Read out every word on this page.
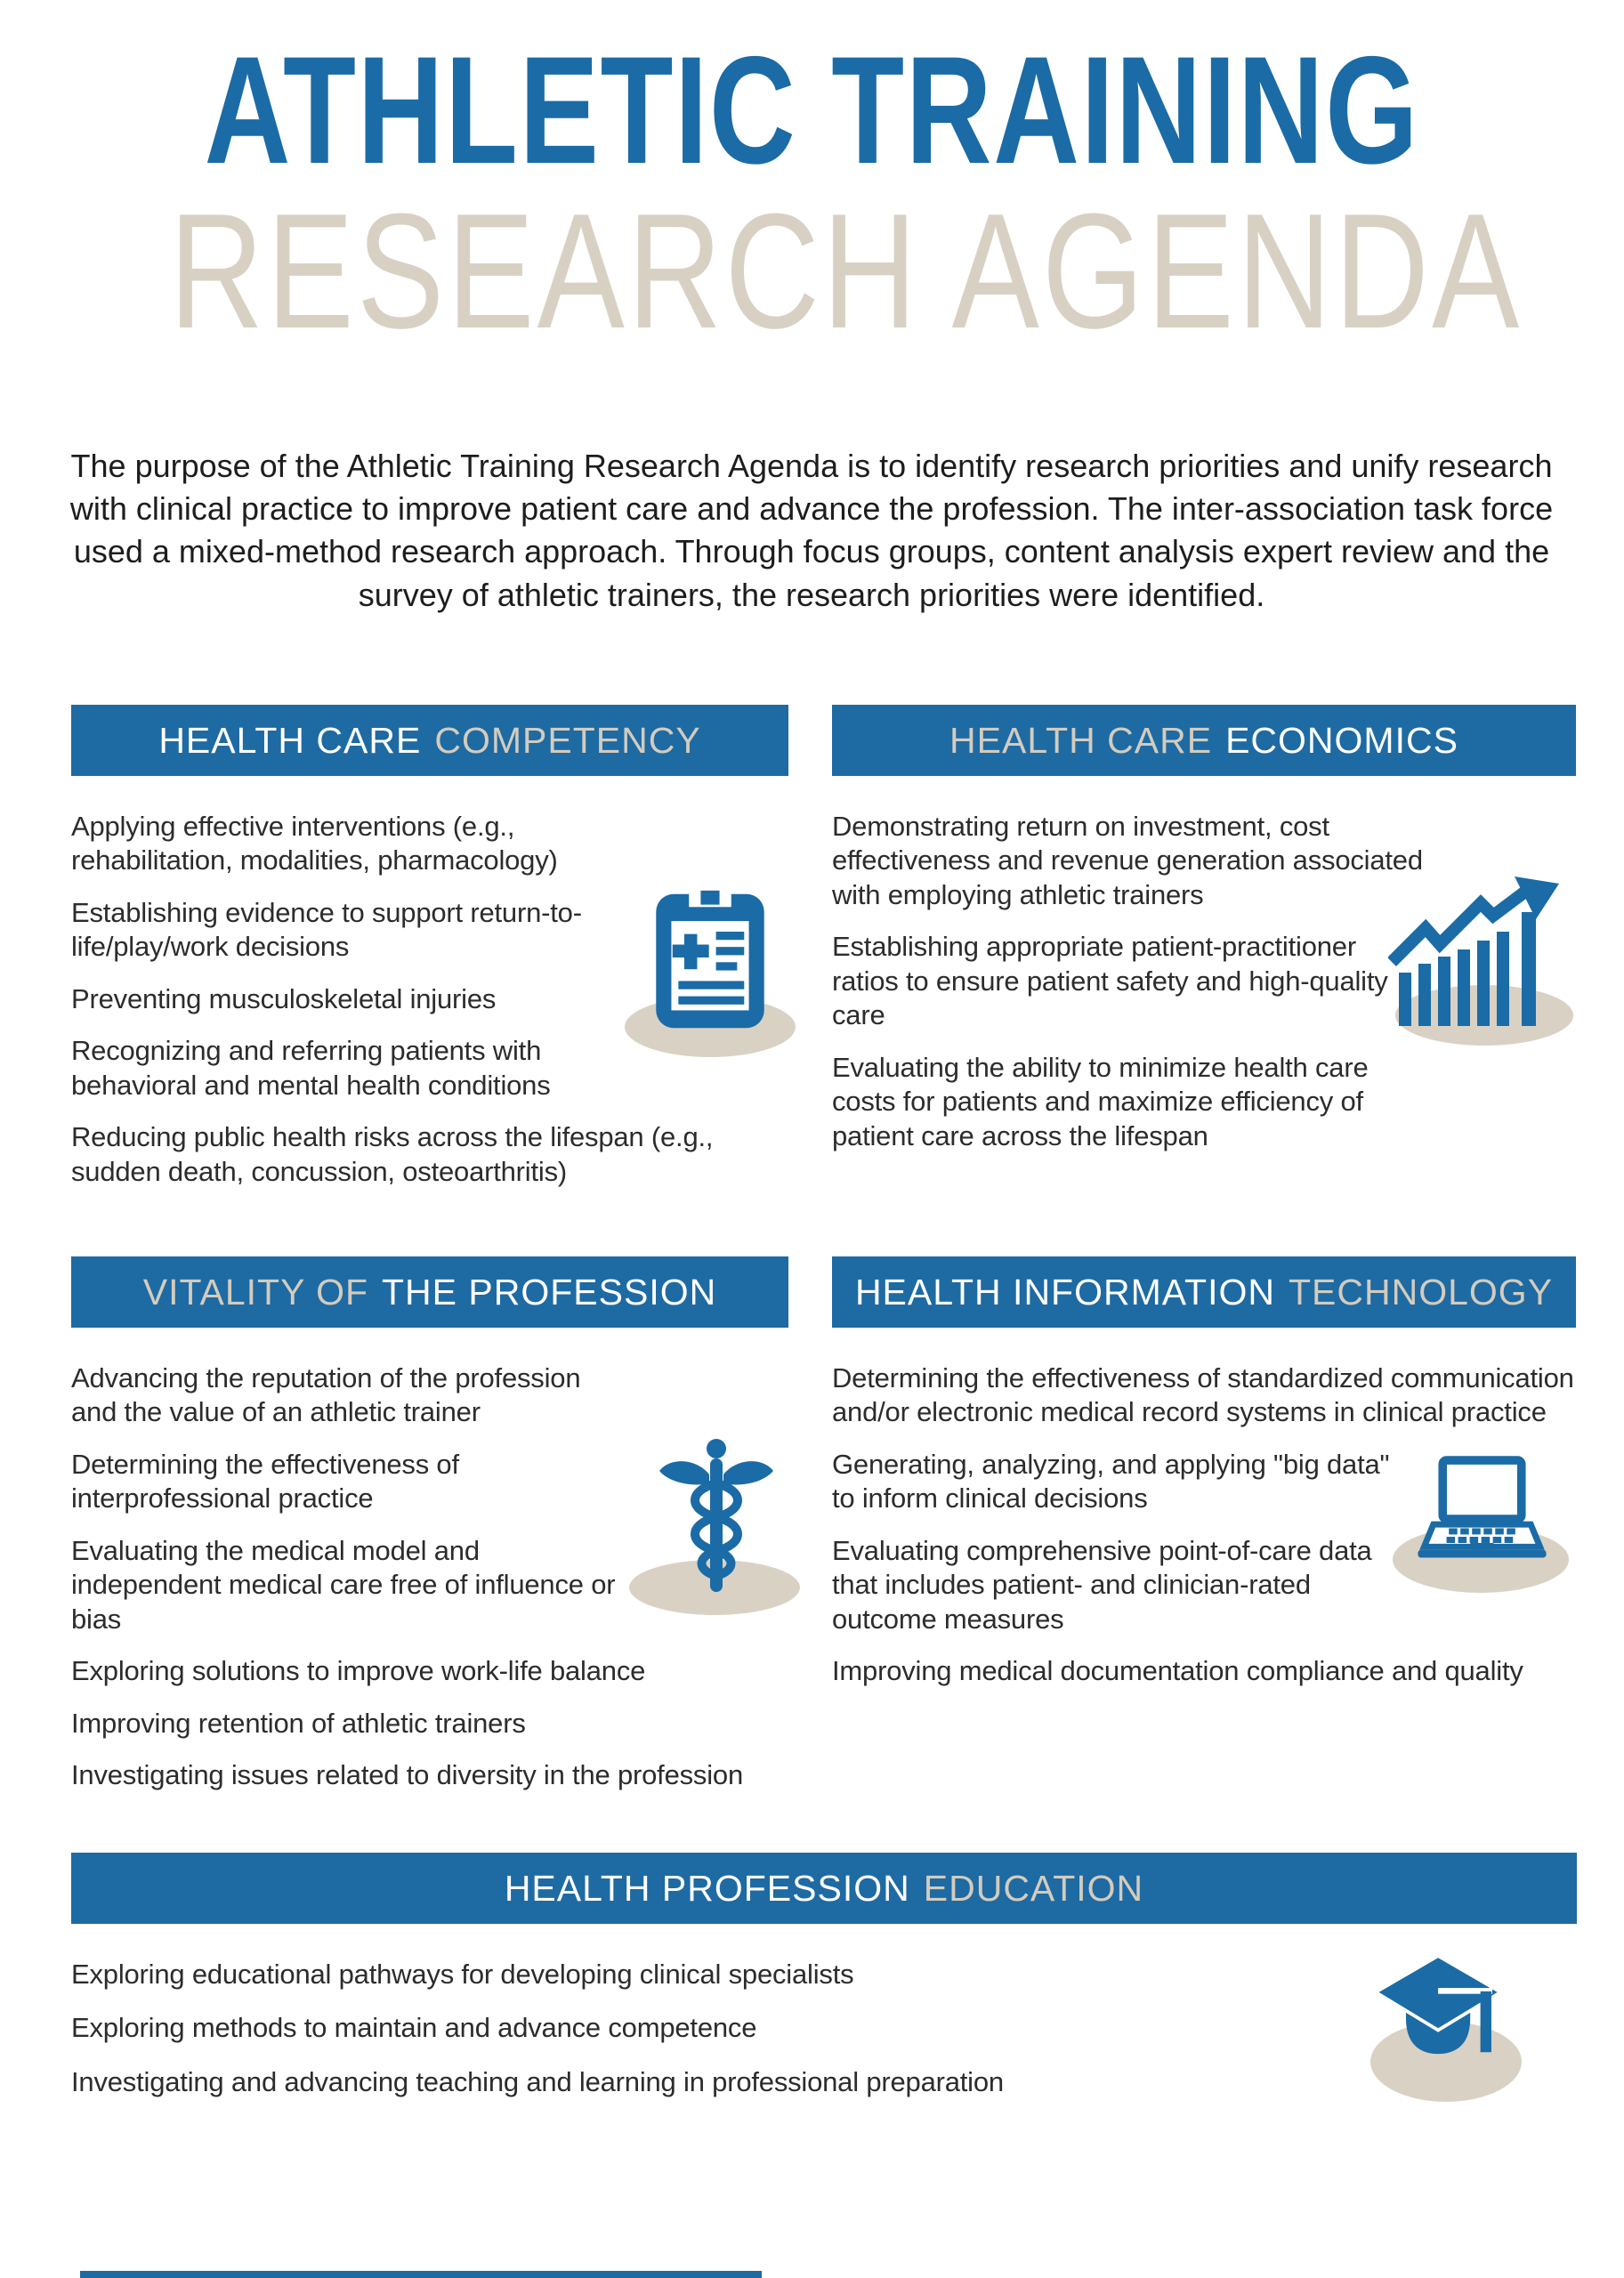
ATHLETIC TRAINING
RESEARCH AGENDA

The purpose of the Athletic Training Research Agenda is to identify research priorities and unify research with clinical practice to improve patient care and advance the profession. The inter-association task force used a mixed-method research approach. Through focus groups, content analysis expert review and the survey of athletic trainers, the research priorities were identified.

HEALTH CARE COMPETENCY

Applying effective interventions (e.g., rehabilitation, modalities, pharmacology)

Establishing evidence to support return-to-life/play/work decisions

Preventing musculoskeletal injuries

Recognizing and referring patients with behavioral and mental health conditions

Reducing public health risks across the lifespan (e.g., sudden death, concussion, osteoarthritis)

HEALTH CARE ECONOMICS

Demonstrating return on investment, cost effectiveness and revenue generation associated with employing athletic trainers

Establishing appropriate patient-practitioner ratios to ensure patient safety and high-quality care

Evaluating the ability to minimize health care costs for patients and maximize efficiency of patient care across the lifespan

VITALITY OF THE PROFESSION

Advancing the reputation of the profession and the value of an athletic trainer

Determining the effectiveness of interprofessional practice

Evaluating the medical model and independent medical care free of influence or bias

Exploring solutions to improve work-life balance

Improving retention of athletic trainers

Investigating issues related to diversity in the profession

HEALTH INFORMATION TECHNOLOGY

Determining the effectiveness of standardized communication and/or electronic medical record systems in clinical practice

Generating, analyzing, and applying "big data" to inform clinical decisions

Evaluating comprehensive point-of-care data that includes patient- and clinician-rated outcome measures

Improving medical documentation compliance and quality

HEALTH PROFESSION EDUCATION

Exploring educational pathways for developing clinical specialists

Exploring methods to maintain and advance competence

Investigating and advancing teaching and learning in professional preparation
